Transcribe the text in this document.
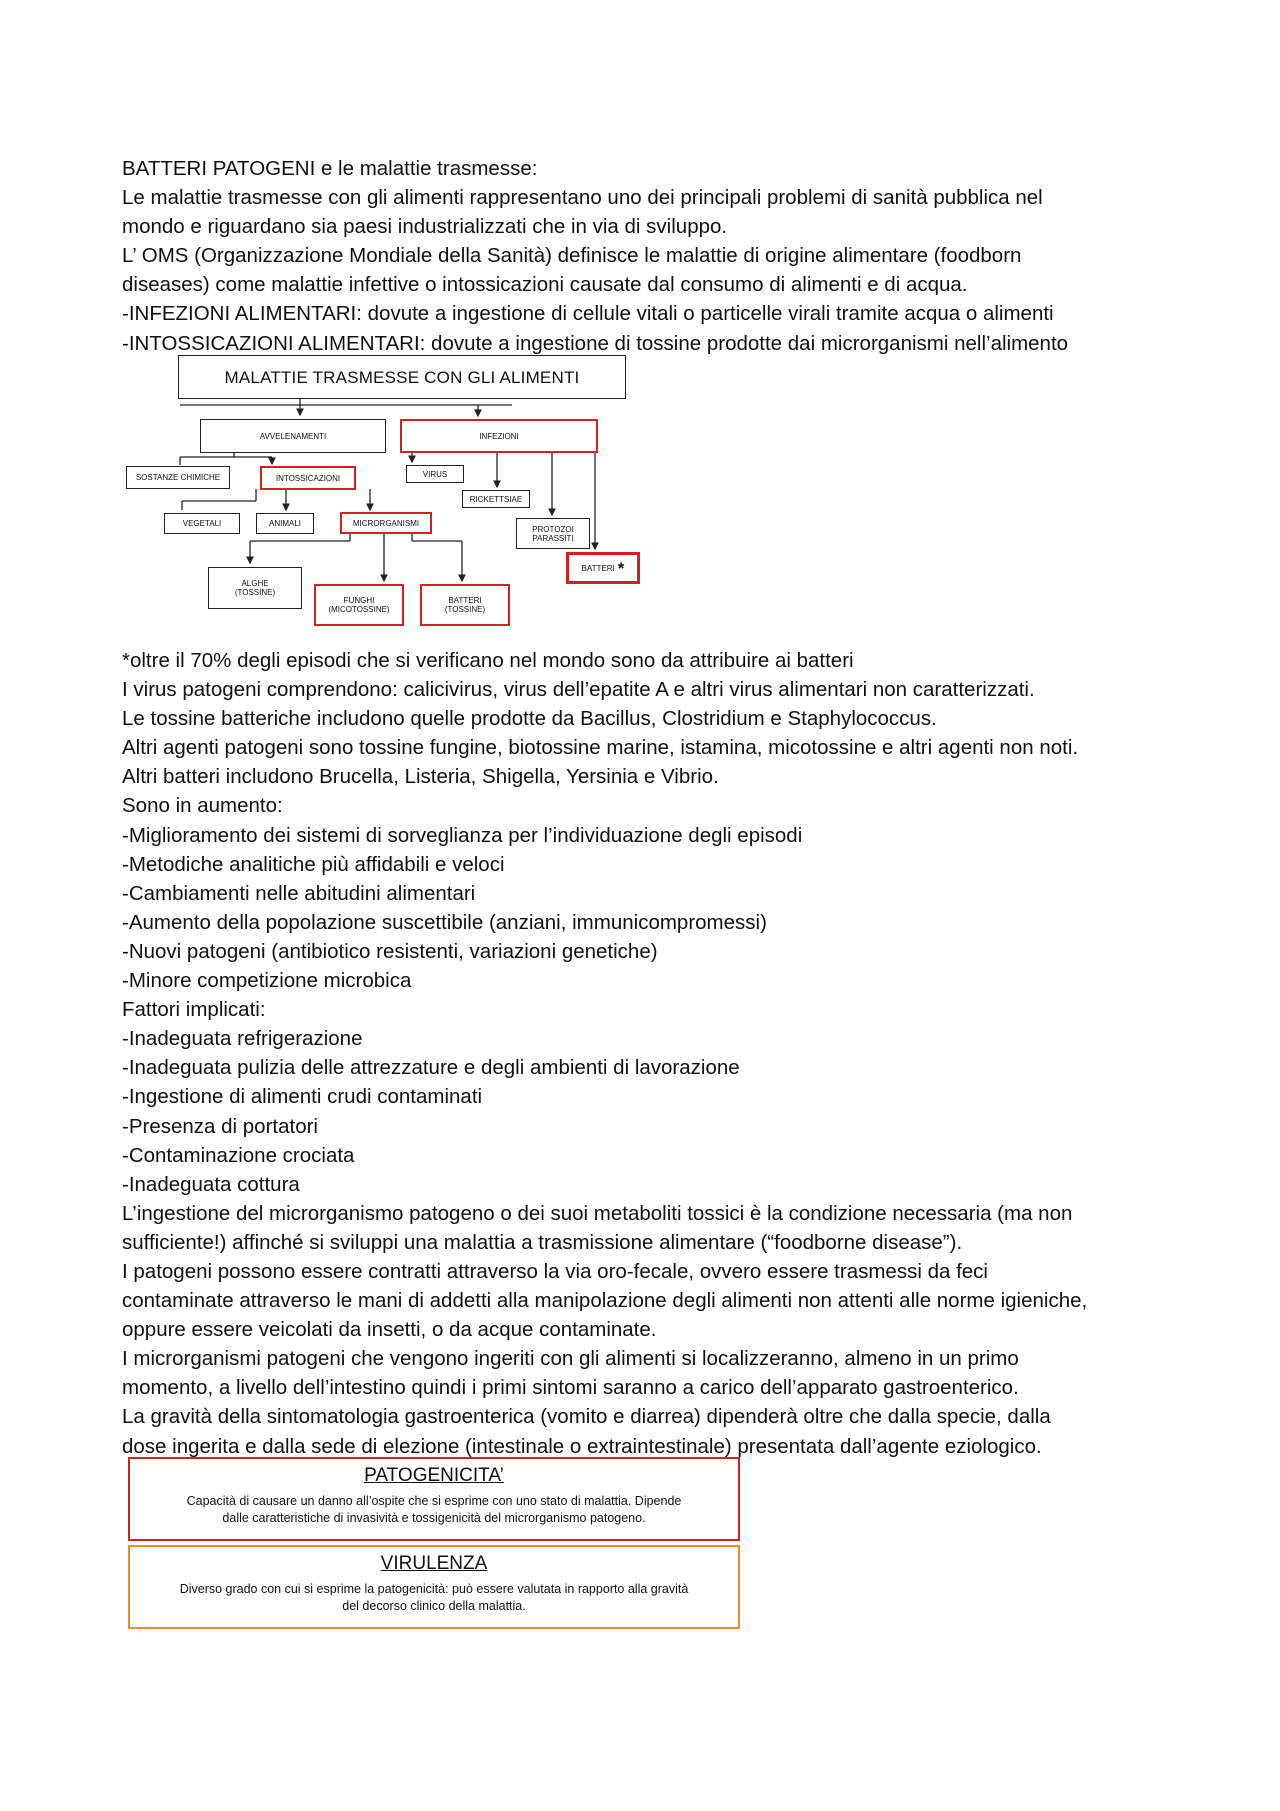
BATTERI PATOGENI e le malattie trasmesse:

Le malattie trasmesse con gli alimenti rappresentano uno dei principali problemi di sanità pubblica nel

mondo e riguardano sia paesi industrializzati che in via di sviluppo.

L’ OMS (Organizzazione Mondiale della Sanità) definisce le malattie di origine alimentare (foodborn

diseases) come malattie infettive o intossicazioni causate dal consumo di alimenti e di acqua.

-INFEZIONI ALIMENTARI: dovute a ingestione di cellule vitali o particelle virali tramite acqua o alimenti

-INTOSSICAZIONI ALIMENTARI: dovute a ingestione di tossine prodotte dai microrganismi nell’alimento

MALATTIE TRASMESSE CON GLI ALIMENTI
AVVELENAMENTI	INFEZIONI
SOSTANZE CHIMICHE	INTOSSICAZIONI	VIRUS
RICKETTSIAE
PROTOZOI
PARASSITI
BATTERI *
VEGETALI	ANIMALI	MICRORGANISMI
ALGHE
(TOSSINE)
FUNGHI
(MICOTOSSINE)
BATTERI
(TOSSINE)

*oltre il 70% degli episodi che si verificano nel mondo sono da attribuire ai batteri

I virus patogeni comprendono: calicivirus, virus dell’epatite A e altri virus alimentari non caratterizzati.

Le tossine batteriche includono quelle prodotte da Bacillus, Clostridium e Staphylococcus.

Altri agenti patogeni sono tossine fungine, biotossine marine, istamina, micotossine e altri agenti non noti.

Altri batteri includono Brucella, Listeria, Shigella, Yersinia e Vibrio.

Sono in aumento:

-Miglioramento dei sistemi di sorveglianza per l’individuazione degli episodi

-Metodiche analitiche più affidabili e veloci

-Cambiamenti nelle abitudini alimentari

-Aumento della popolazione suscettibile (anziani, immunicompromessi)

-Nuovi patogeni (antibiotico resistenti, variazioni genetiche)

-Minore competizione microbica

Fattori implicati:

-Inadeguata refrigerazione

-Inadeguata pulizia delle attrezzature e degli ambienti di lavorazione

-Ingestione di alimenti crudi contaminati

-Presenza di portatori

-Contaminazione crociata

-Inadeguata cottura

L’ingestione del microrganismo patogeno o dei suoi metaboliti tossici è la condizione necessaria (ma non

sufficiente!) affinché si sviluppi una malattia a trasmissione alimentare (“foodborne disease”).

I patogeni possono essere contratti attraverso la via oro-fecale, ovvero essere trasmessi da feci

contaminate attraverso le mani di addetti alla manipolazione degli alimenti non attenti alle norme igieniche,

oppure essere veicolati da insetti, o da acque contaminate.

I microrganismi patogeni che vengono ingeriti con gli alimenti si localizzeranno, almeno in un primo

momento, a livello dell’intestino quindi i primi sintomi saranno a carico dell’apparato gastroenterico.

La gravità della sintomatologia gastroenterica (vomito e diarrea) dipenderà oltre che dalla specie, dalla

dose ingerita e dalla sede di elezione (intestinale o extraintestinale) presentata dall’agente eziologico.

PATOGENICITA’

Capacità di causare un danno all’ospite che si esprime con uno stato di malattia. Dipende

dalle caratteristiche di invasività e tossigenicità del microrganismo patogeno.

VIRULENZA

Diverso grado con cui si esprime la patogenicità: può essere valutata in rapporto alla gravità

del decorso clinico della malattia.
